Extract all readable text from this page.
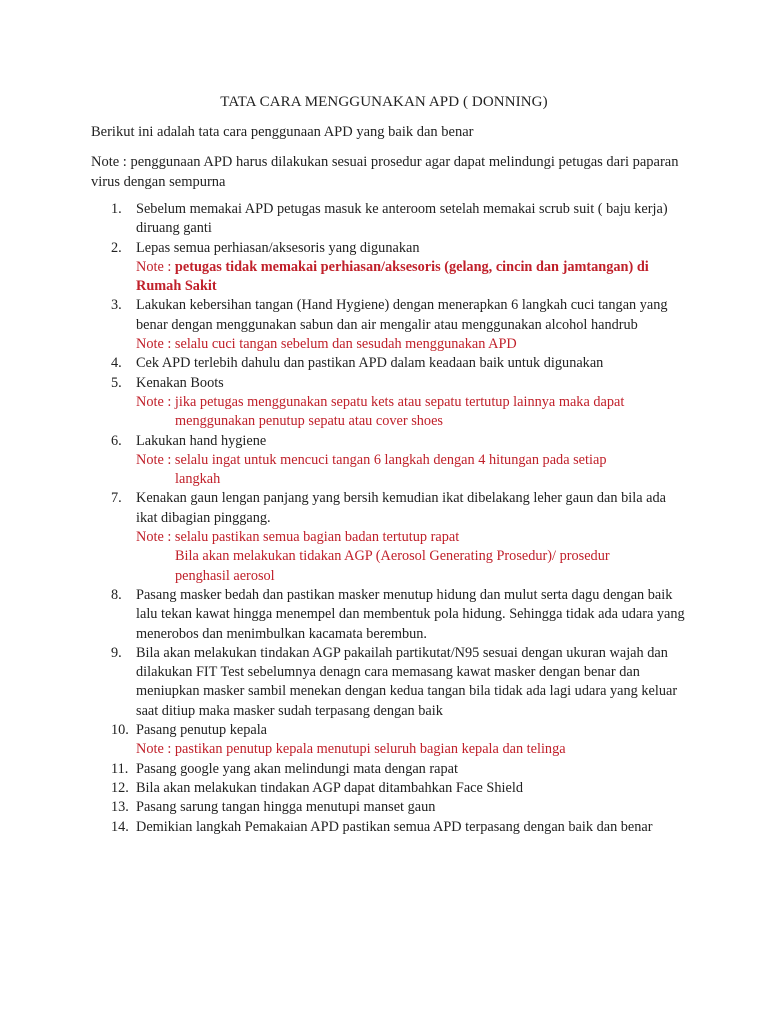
TATA CARA MENGGUNAKAN APD ( DONNING)

Berikut ini adalah tata cara penggunaan APD yang baik dan benar

Note : penggunaan APD harus dilakukan sesuai prosedur agar dapat melindungi petugas dari paparan virus dengan sempurna

1. Sebelum memakai APD petugas masuk ke anteroom setelah memakai scrub suit ( baju kerja) diruang ganti
2. Lepas semua perhiasan/aksesoris yang digunakan
Note : petugas tidak memakai perhiasan/aksesoris (gelang, cincin dan jamtangan) di Rumah Sakit
3. Lakukan kebersihan tangan (Hand Hygiene) dengan menerapkan 6 langkah cuci tangan yang benar dengan menggunakan sabun dan air mengalir atau menggunakan alcohol handrub
Note : selalu cuci tangan sebelum dan sesudah menggunakan APD
4. Cek APD terlebih dahulu dan pastikan APD dalam keadaan baik untuk digunakan
5. Kenakan Boots
Note : jika petugas menggunakan sepatu kets atau sepatu tertutup lainnya maka dapat
menggunakan penutup sepatu atau cover shoes
6. Lakukan hand hygiene
Note : selalu ingat untuk mencuci tangan 6 langkah dengan 4 hitungan pada setiap
langkah
7. Kenakan gaun lengan panjang yang bersih kemudian ikat dibelakang leher gaun dan bila ada ikat dibagian pinggang.
Note : selalu pastikan semua bagian badan tertutup rapat
Bila akan melakukan tidakan AGP (Aerosol Generating Prosedur)/ prosedur
penghasil aerosol
8. Pasang masker bedah dan pastikan masker menutup hidung dan mulut serta dagu dengan baik lalu tekan kawat hingga menempel dan membentuk pola hidung. Sehingga tidak ada udara yang menerobos dan menimbulkan kacamata berembun.
9. Bila akan melakukan tindakan AGP pakailah partikutat/N95 sesuai dengan ukuran wajah dan dilakukan FIT Test sebelumnya denagn cara memasang kawat masker dengan benar dan meniupkan masker sambil menekan dengan kedua tangan bila tidak ada lagi udara yang keluar saat ditiup maka masker sudah terpasang dengan baik
10. Pasang penutup kepala
Note : pastikan penutup kepala menutupi seluruh bagian kepala dan telinga
11. Pasang google yang akan melindungi mata dengan rapat
12. Bila akan melakukan tindakan AGP dapat ditambahkan Face Shield
13. Pasang sarung tangan hingga menutupi manset gaun
14. Demikian langkah Pemakaian APD pastikan semua APD terpasang dengan baik dan benar
